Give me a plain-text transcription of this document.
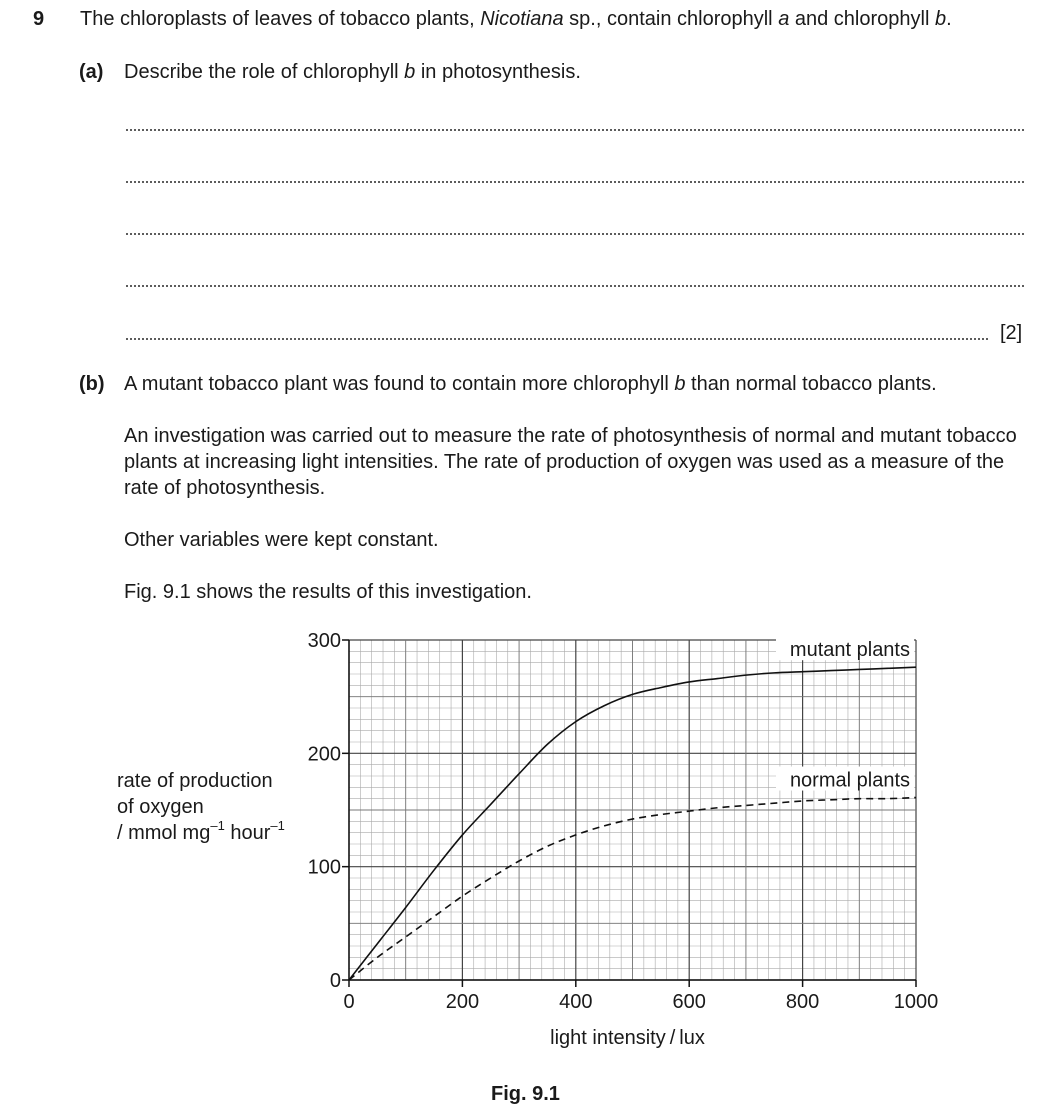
9 The chloroplasts of leaves of tobacco plants, Nicotiana sp., contain chlorophyll a and chlorophyll b.
(a) Describe the role of chlorophyll b in photosynthesis.
[2]
(b) A mutant tobacco plant was found to contain more chlorophyll b than normal tobacco plants.
An investigation was carried out to measure the rate of photosynthesis of normal and mutant tobacco plants at increasing light intensities. The rate of production of oxygen was used as a measure of the rate of photosynthesis.
Other variables were kept constant.
Fig. 9.1 shows the results of this investigation.
rate of production
of oxygen
/ mmol $mg^{-1}$ hour$^{-1}$
0
100
200
300
0	200	400	600	800	1000
light intensity / lux
mutant plants
normal plants
Fig. 9.1
